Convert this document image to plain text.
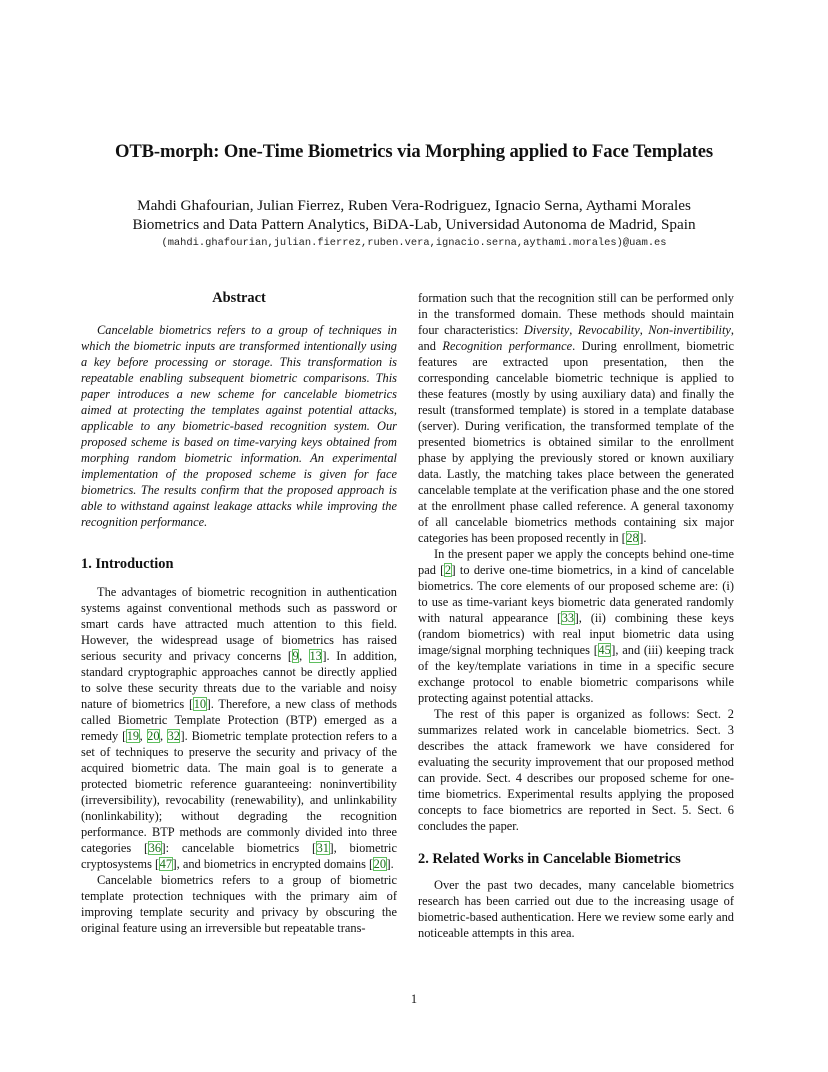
OTB-morph: One-Time Biometrics via Morphing applied to Face Templates
Mahdi Ghafourian, Julian Fierrez, Ruben Vera-Rodriguez, Ignacio Serna, Aythami Morales
Biometrics and Data Pattern Analytics, BiDA-Lab, Universidad Autonoma de Madrid, Spain
(mahdi.ghafourian,julian.fierrez,ruben.vera,ignacio.serna,aythami.morales)@uam.es
Abstract

Cancelable biometrics refers to a group of techniques in which the biometric inputs are transformed intentionally using a key before processing or storage. This transformation is repeatable enabling subsequent biometric comparisons. This paper introduces a new scheme for cancelable biometrics aimed at protecting the templates against potential attacks, applicable to any biometric-based recognition system. Our proposed scheme is based on time-varying keys obtained from morphing random biometric information. An experimental implementation of the proposed scheme is given for face biometrics. The results confirm that the proposed approach is able to withstand against leakage attacks while improving the recognition performance.

1. Introduction

The advantages of biometric recognition in authentication systems against conventional methods such as password or smart cards have attracted much attention to this field. However, the widespread usage of biometrics has raised serious security and privacy concerns [9, 13]. In addition, standard cryptographic approaches cannot be directly applied to solve these security threats due to the variable and noisy nature of biometrics [10]. Therefore, a new class of methods called Biometric Template Protection (BTP) emerged as a remedy [19, 20, 32]. Biometric template protection refers to a set of techniques to preserve the security and privacy of the acquired biometric data. The main goal is to generate a protected biometric reference guaranteeing: noninvertibility (irreversibility), revocability (renewability), and unlinkability (nonlinkability); without degrading the recognition performance. BTP methods are commonly divided into three categories [36]: cancelable biometrics [31], biometric cryptosystems [47], and biometrics in encrypted domains [20].

Cancelable biometrics refers to a group of biometric template protection techniques with the primary aim of improving template security and privacy by obscuring the original feature using an irreversible but repeatable trans-

formation such that the recognition still can be performed only in the transformed domain. These methods should maintain four characteristics: Diversity, Revocability, Non-invertibility, and Recognition performance. During enrollment, biometric features are extracted upon presentation, then the corresponding cancelable biometric technique is applied to these features (mostly by using auxiliary data) and finally the result (transformed template) is stored in a template database (server). During verification, the transformed template of the presented biometrics is obtained similar to the enrollment phase by applying the previously stored or known auxiliary data. Lastly, the matching takes place between the generated cancelable template at the verification phase and the one stored at the enrollment phase called reference. A general taxonomy of all cancelable biometrics methods containing six major categories has been proposed recently in [28].

In the present paper we apply the concepts behind one-time pad [2] to derive one-time biometrics, in a kind of cancelable biometrics. The core elements of our proposed scheme are: (i) to use as time-variant keys biometric data generated randomly with natural appearance [33], (ii) combining these keys (random biometrics) with real input biometric data using image/signal morphing techniques [45], and (iii) keeping track of the key/template variations in time in a specific secure exchange protocol to enable biometric comparisons while protecting against potential attacks.

The rest of this paper is organized as follows: Sect. 2 summarizes related work in cancelable biometrics. Sect. 3 describes the attack framework we have considered for evaluating the security improvement that our proposed method can provide. Sect. 4 describes our proposed scheme for one-time biometrics. Experimental results applying the proposed concepts to face biometrics are reported in Sect. 5. Sect. 6 concludes the paper.

2. Related Works in Cancelable Biometrics

Over the past two decades, many cancelable biometrics research has been carried out due to the increasing usage of biometric-based authentication. Here we review some early and noticeable attempts in this area.

1
